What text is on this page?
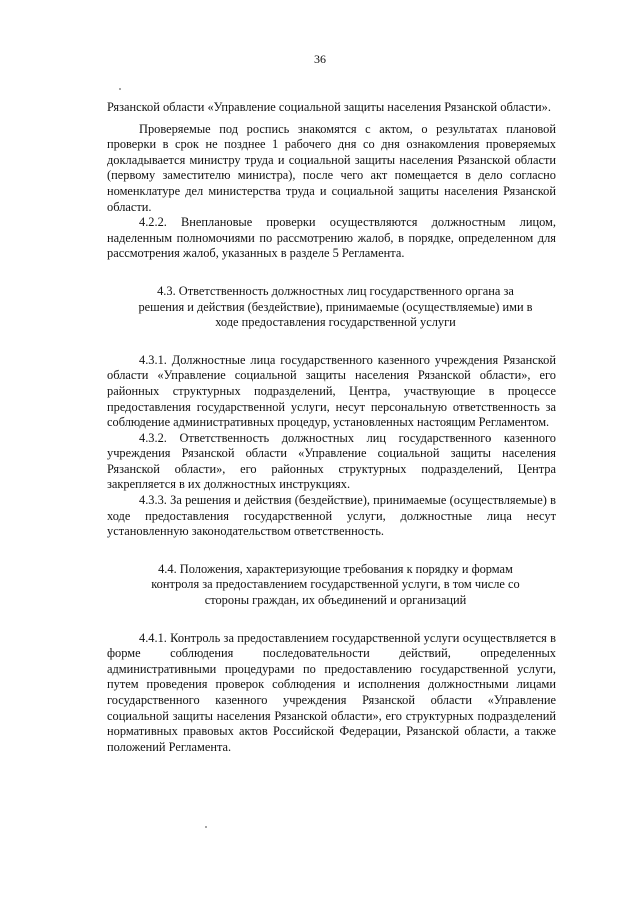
36

Рязанской области «Управление социальной защиты населения Рязанской области».

Проверяемые под роспись знакомятся с актом, о результатах плановой проверки в срок не позднее 1 рабочего дня со дня ознакомления проверяемых докладывается министру труда и социальной защиты населения Рязанской области (первому заместителю министра), после чего акт помещается в дело согласно номенклатуре дел министерства труда и социальной защиты населения Рязанской области.

4.2.2. Внеплановые проверки осуществляются должностным лицом, наделенным полномочиями по рассмотрению жалоб, в порядке, определенном для рассмотрения жалоб, указанных в разделе 5 Регламента.

4.3. Ответственность должностных лиц государственного органа за решения и действия (бездействие), принимаемые (осуществляемые) ими в ходе предоставления государственной услуги

4.3.1. Должностные лица государственного казенного учреждения Рязанской области «Управление социальной защиты населения Рязанской области», его районных структурных подразделений, Центра, участвующие в процессе предоставления государственной услуги, несут персональную ответственность за соблюдение административных процедур, установленных настоящим Регламентом.

4.3.2. Ответственность должностных лиц государственного казенного учреждения Рязанской области «Управление социальной защиты населения Рязанской области», его районных структурных подразделений, Центра закрепляется в их должностных инструкциях.

4.3.3. За решения и действия (бездействие), принимаемые (осуществляемые) в ходе предоставления государственной услуги, должностные лица несут установленную законодательством ответственность.

4.4. Положения, характеризующие требования к порядку и формам контроля за предоставлением государственной услуги, в том числе со стороны граждан, их объединений и организаций

4.4.1. Контроль за предоставлением государственной услуги осуществляется в форме соблюдения последовательности действий, определенных административными процедурами по предоставлению государственной услуги, путем проведения проверок соблюдения и исполнения должностными лицами государственного казенного учреждения Рязанской области «Управление социальной защиты населения Рязанской области», его структурных подразделений нормативных правовых актов Российской Федерации, Рязанской области, а также положений Регламента.
